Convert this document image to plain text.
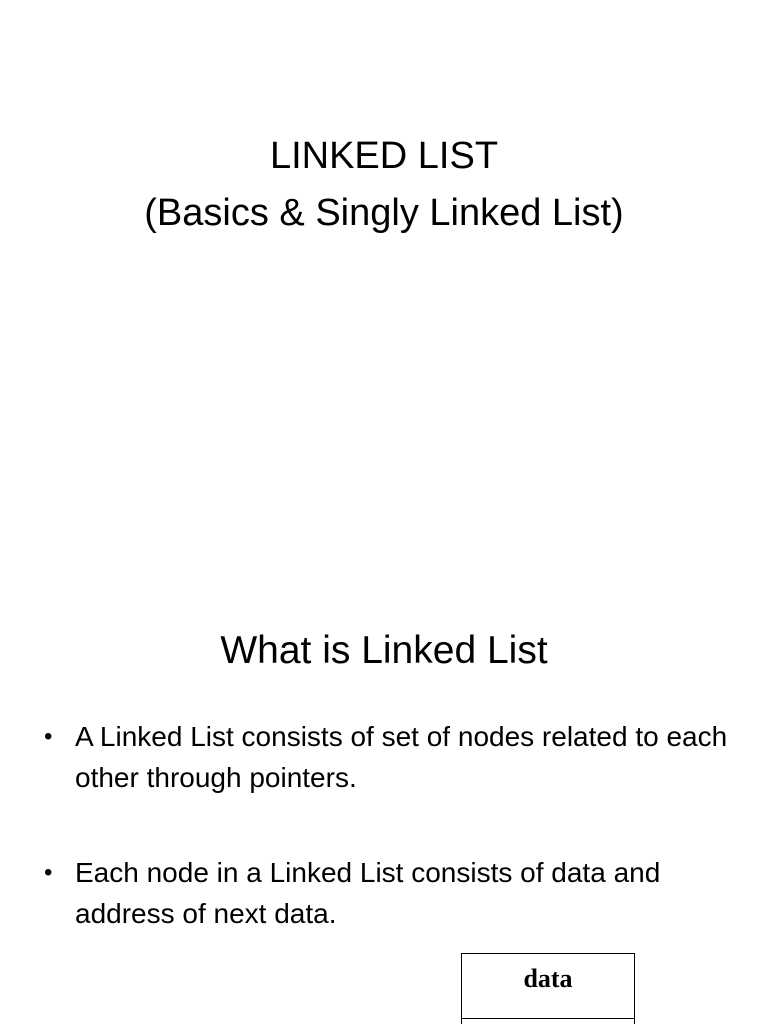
LINKED LIST
(Basics & Singly Linked List)
What is Linked List
• A Linked List consists of set of nodes related to each other through pointers.
• Each node in a Linked List consists of data and address of next data.
data
